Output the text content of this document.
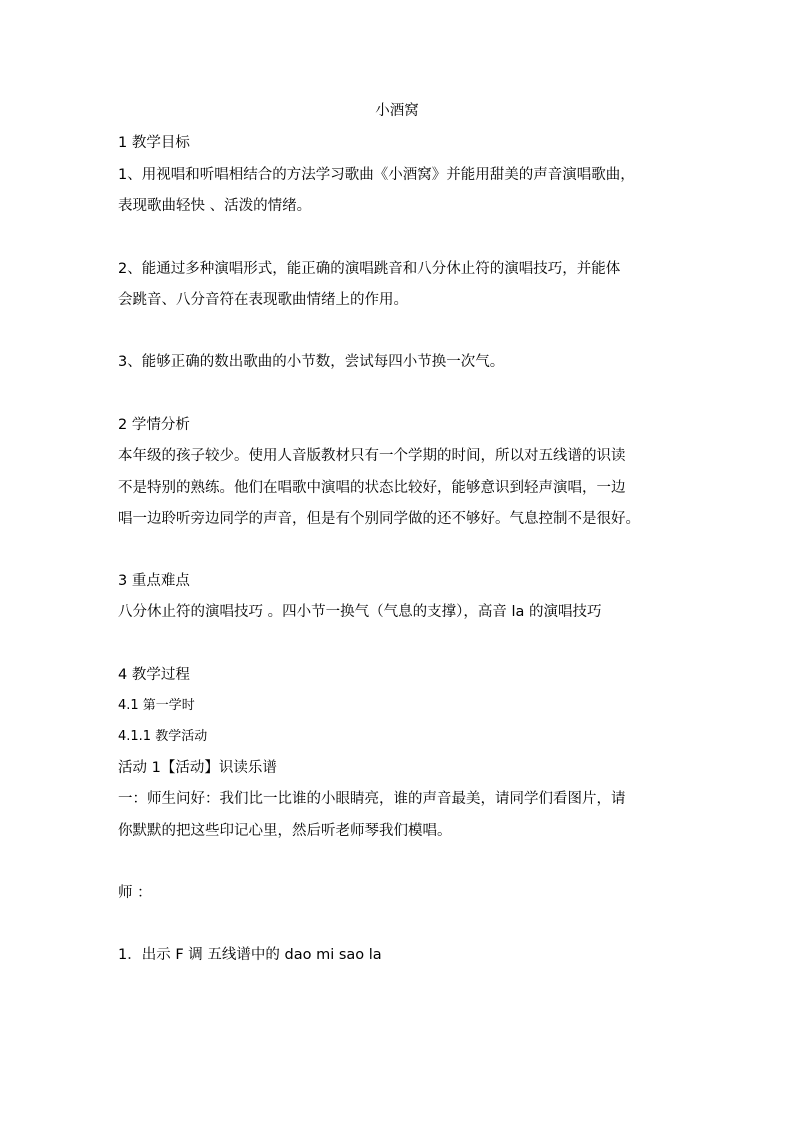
小酒窝
1 教学目标
1、用视唱和听唱相结合的方法学习歌曲《小酒窝》并能用甜美的声音演唱歌曲，
表现歌曲轻快 、活泼的情绪。
2、能通过多种演唱形式，能正确的演唱跳音和八分休止符的演唱技巧，并能体
会跳音、八分音符在表现歌曲情绪上的作用。
3、能够正确的数出歌曲的小节数，尝试每四小节换一次气。
2 学情分析
本年级的孩子较少。使用人音版教材只有一个学期的时间，所以对五线谱的识读
不是特别的熟练。他们在唱歌中演唱的状态比较好，能够意识到轻声演唱，一边
唱一边聆听旁边同学的声音，但是有个别同学做的还不够好。气息控制不是很好。
3 重点难点
八分休止符的演唱技巧 。四小节一换气（气息的支撑），高音 la 的演唱技巧
4 教学过程
4.1 第一学时
4.1.1 教学活动
活动 1【活动】识读乐谱
一：师生问好：我们比一比谁的小眼睛亮，谁的声音最美，请同学们看图片，请
你默默的把这些印记心里，然后听老师琴我们模唱。
师 ：
1．出示 F 调 五线谱中的 dao mi sao la
